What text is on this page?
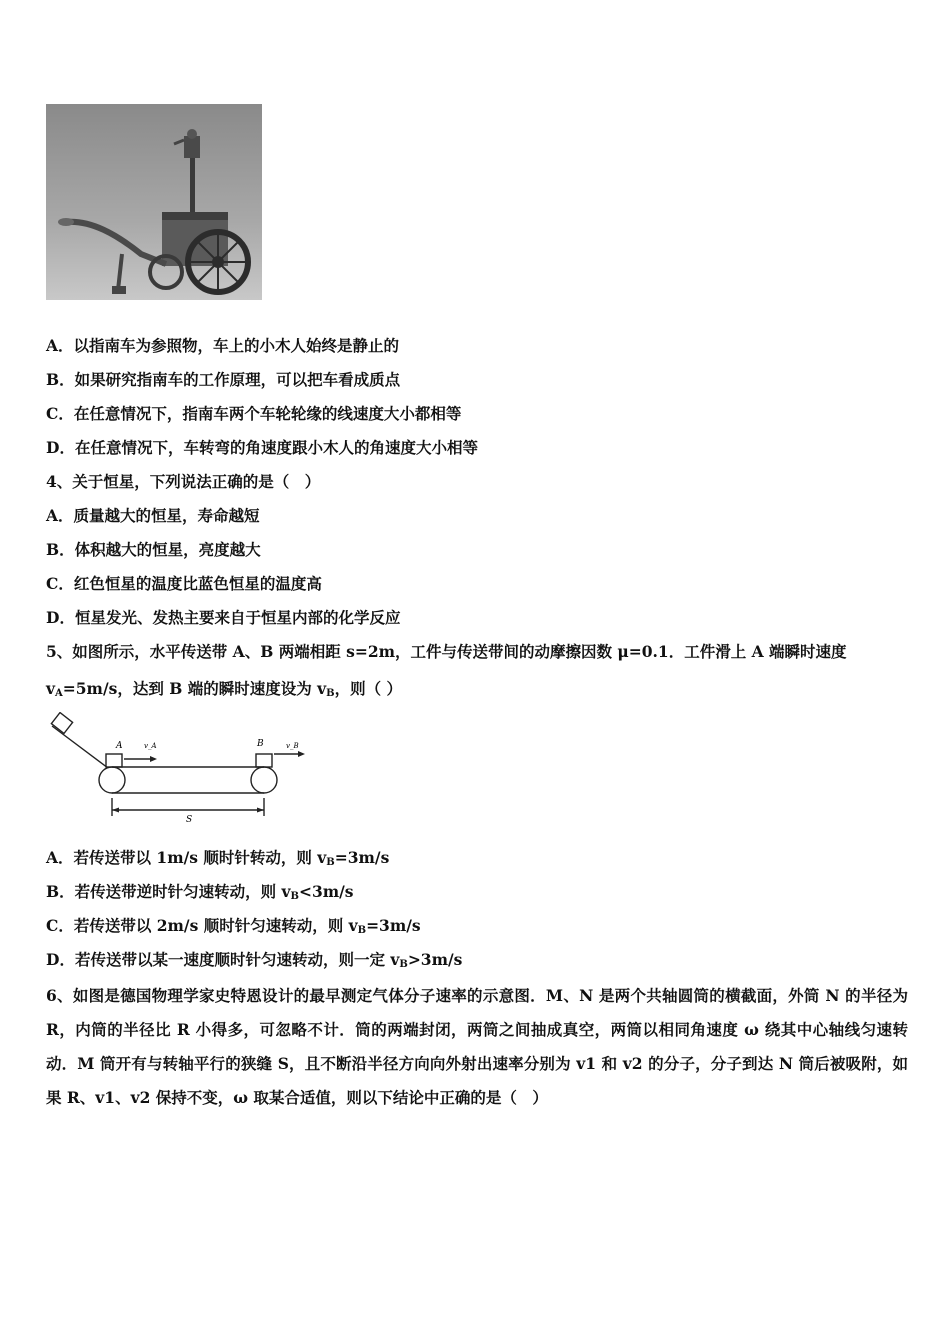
A．以指南车为参照物，车上的小木人始终是静止的
B．如果研究指南车的工作原理，可以把车看成质点
C．在任意情况下，指南车两个车轮轮缘的线速度大小都相等
D．在任意情况下，车转弯的角速度跟小木人的角速度大小相等
4、关于恒星，下列说法正确的是（　）
A．质量越大的恒星，寿命越短
B．体积越大的恒星，亮度越大
C．红色恒星的温度比蓝色恒星的温度高
D．恒星发光、发热主要来自于恒星内部的化学反应
5、如图所示，水平传送带 A、B 两端相距 s=2m，工件与传送带间的动摩擦因数 μ=0.1．工件滑上 A 端瞬时速度
$v_A=5m/s$，达到 B 端的瞬时速度设为 $v_B$，则（ ）
A	v_A	B	v_B
S
A．若传送带以 1m/s 顺时针转动，则 $v_B=3m/s$
B．若传送带逆时针匀速转动，则 $v_B<3m/s$
C．若传送带以 2m/s 顺时针匀速转动，则 $v_B=3m/s$
D．若传送带以某一速度顺时针匀速转动，则一定 $v_B>3m/s$
6、如图是德国物理学家史特恩设计的最早测定气体分子速率的示意图．M、N 是两个共轴圆筒的横截面，外筒 N 的半径为 R，内筒的半径比 R 小得多，可忽略不计．筒的两端封闭，两筒之间抽成真空，两筒以相同角速度 ω 绕其中心轴线匀速转动．M 筒开有与转轴平行的狭缝 S，且不断沿半径方向向外射出速率分别为 v1 和 v2 的分子，分子到达 N 筒后被吸附，如果 R、v1、v2 保持不变，ω 取某合适值，则以下结论中正确的是（　）
